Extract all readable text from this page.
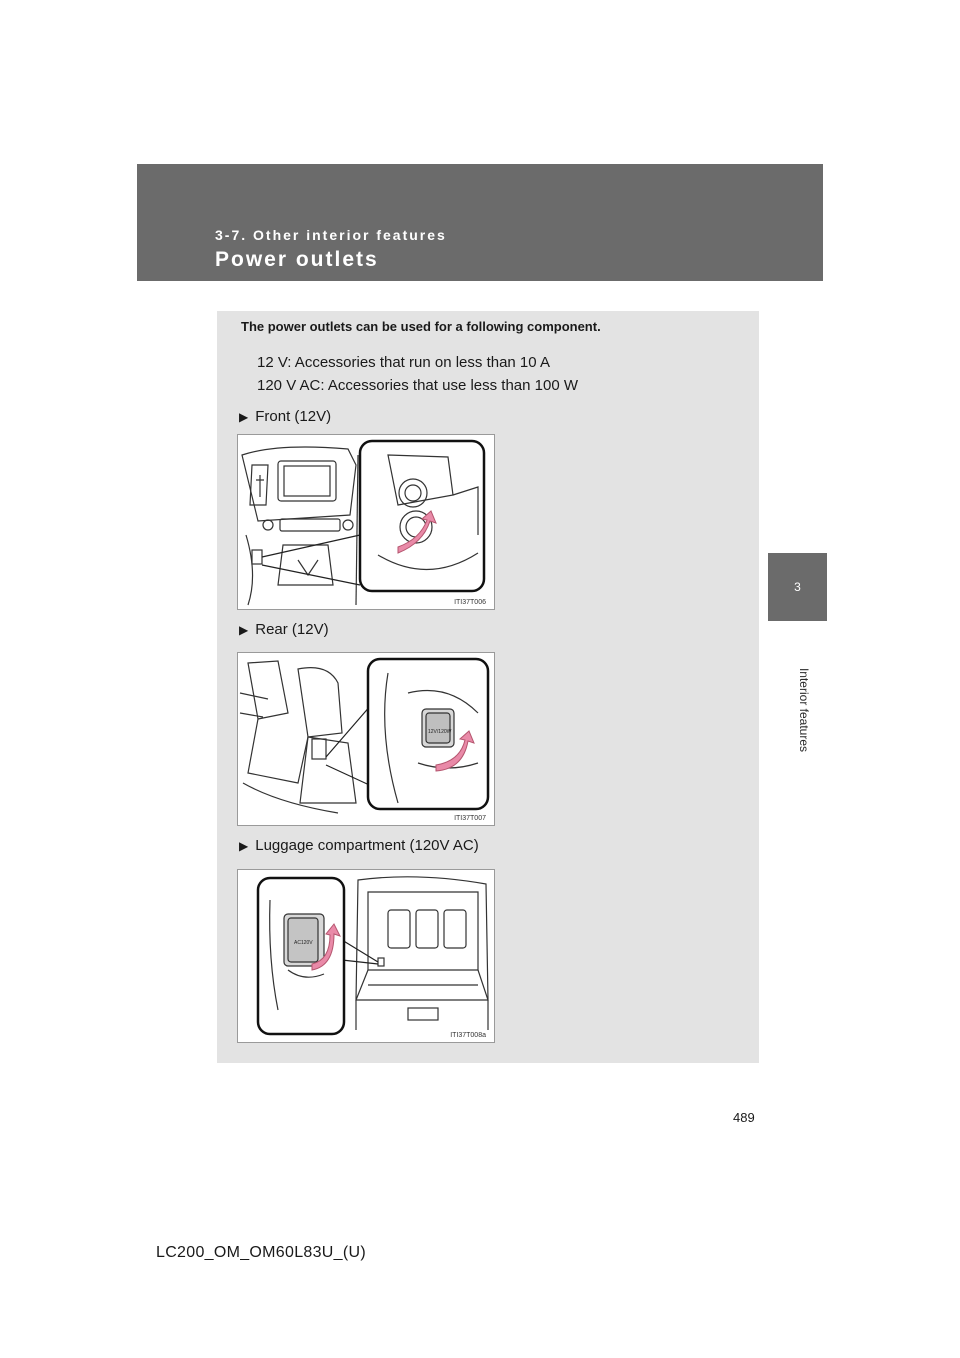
3-7. Other interior features
Power outlets
3
Interior features
The power outlets can be used for a following component.
12 V: Accessories that run on less than 10 A
120 V AC: Accessories that use less than 100 W
▶ Front (12V)
ITI37T006
▶ Rear (12V)
12V/120W
ITI37T007
▶ Luggage compartment (120V AC)
AC120V
ITI37T008a
489
LC200_OM_OM60L83U_(U)
